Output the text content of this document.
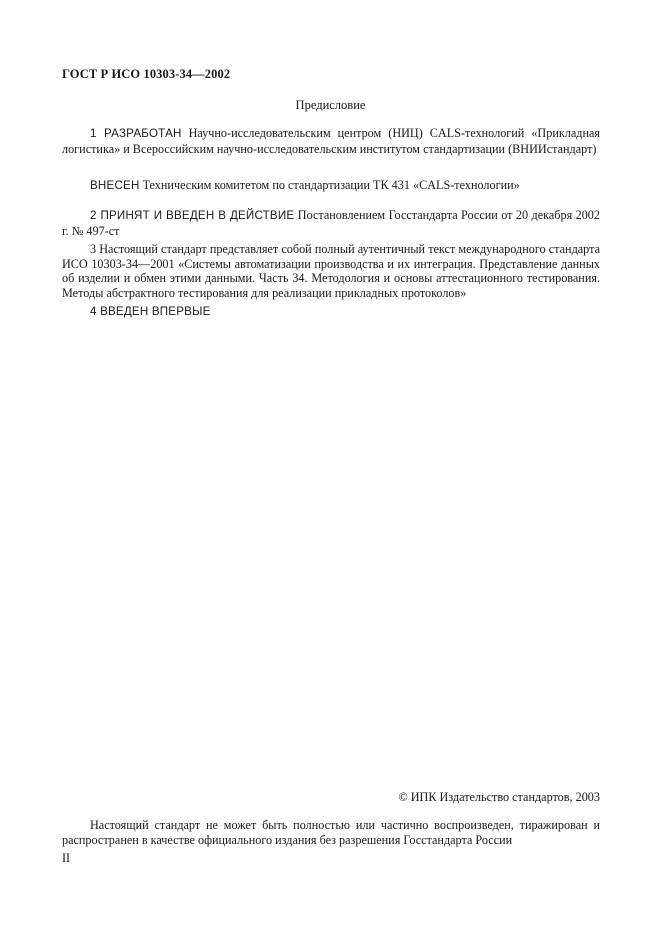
ГОСТ Р ИСО 10303-34—2002
Предисловие

1 РАЗРАБОТАН Научно-исследовательским центром (НИЦ) CALS-технологий «Прикладная логистика» и Всероссийским научно-исследовательским институтом стандартизации (ВНИИстандарт)

ВНЕСЕН Техническим комитетом по стандартизации ТК 431 «CALS-технологии»

2 ПРИНЯТ И ВВЕДЕН В ДЕЙСТВИЕ Постановлением Госстандарта России от 20 декабря 2002 г. № 497-ст

3 Настоящий стандарт представляет собой полный аутентичный текст международного стандарта ИСО 10303-34—2001 «Системы автоматизации производства и их интеграция. Представление данных об изделии и обмен этими данными. Часть 34. Методология и основы аттестационного тестирования. Методы абстрактного тестирования для реализации прикладных протоколов»

4 ВВЕДЕН ВПЕРВЫЕ

© ИПК Издательство стандартов, 2003

Настоящий стандарт не может быть полностью или частично воспроизведен, тиражирован и распространен в качестве официального издания без разрешения Госстандарта России

II
